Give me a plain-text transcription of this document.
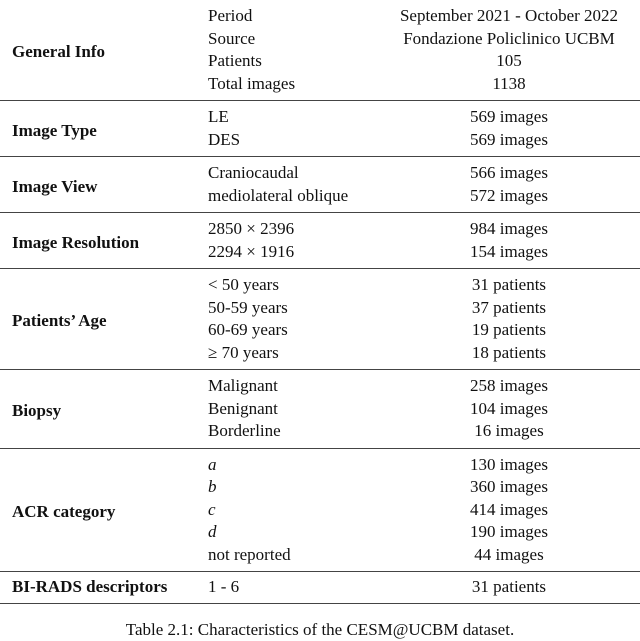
General Info	Period	September 2021 - October 2022
	Source	Fondazione Policlinico UCBM
	Patients	105
	Total images	1138
Image Type	LE	569 images
	DES	569 images
Image View	Craniocaudal	566 images
	mediolateral oblique	572 images
Image Resolution	2850 × 2396	984 images
	2294 × 1916	154 images
Patients’ Age	< 50 years	31 patients
	50-59 years	37 patients
	60-69 years	19 patients
	≥ 70 years	18 patients
Biopsy	Malignant	258 images
	Benignant	104 images
	Borderline	16 images
ACR category	a	130 images
	b	360 images
	c	414 images
	d	190 images
	not reported	44 images
BI-RADS descriptors	1 - 6	31 patients
Table 2.1: Characteristics of the CESM@UCBM dataset.
